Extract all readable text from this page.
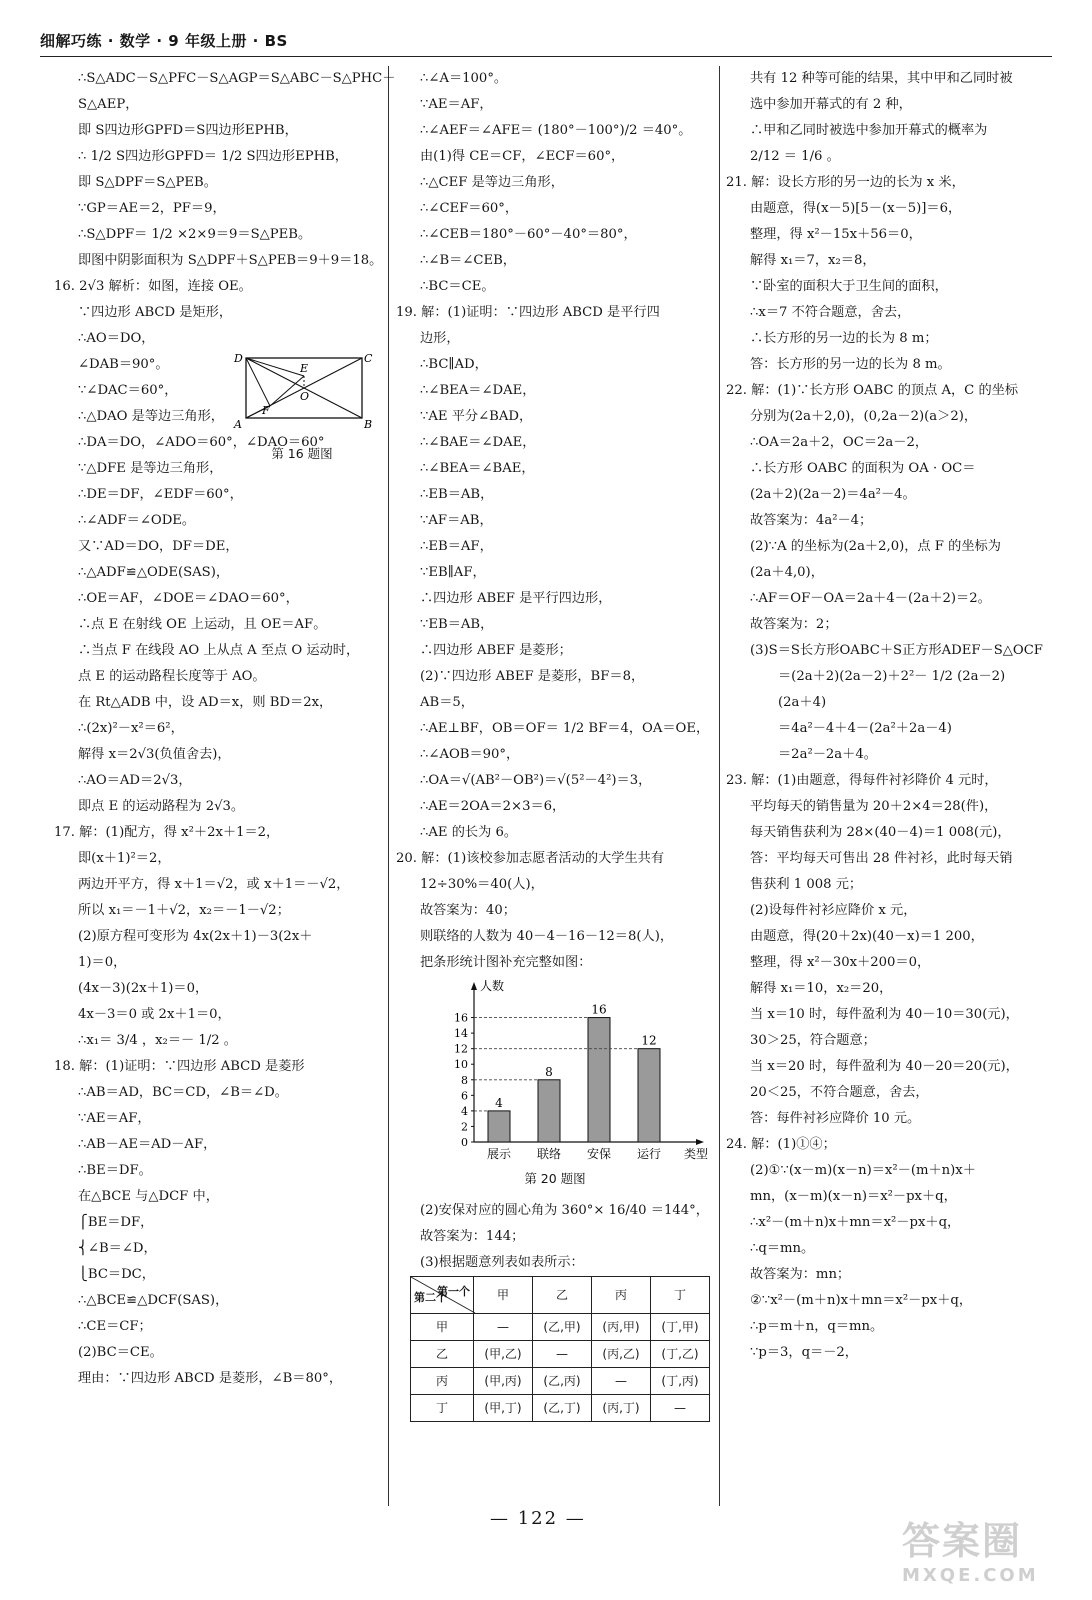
细解巧练 · 数学 · 9 年级上册 · BS
∴S△ADC－S△PFC－S△AGP＝S△ABC－S△PHC－
S△AEP，
即 S四边形GPFD＝S四边形EPHB，
∴ 1/2 S四边形GPFD＝ 1/2 S四边形EPHB，
即 S△DPF＝S△PEB。
∵GP＝AE＝2，PF＝9，
∴S△DPF＝ 1/2 ×2×9＝9＝S△PEB。
即图中阴影面积为 S△DPF＋S△PEB＝9＋9＝18。
16. 2√3 解析：如图，连接 OE。
∵四边形 ABCD 是矩形，
∴AO＝DO，
∠DAB＝90°。
∵∠DAC＝60°，
∴△DAO 是等边三角形，
∴DA＝DO，∠ADO＝60°，∠DAO＝60°
∵△DFE 是等边三角形，
∴DE＝DF，∠EDF＝60°，
∴∠ADF＝∠ODE。
又∵AD＝DO，DF＝DE，
∴△ADF≌△ODE(SAS)，
∴OE＝AF，∠DOE＝∠DAO＝60°，
∴点 E 在射线 OE 上运动，且 OE＝AF。
∴当点 F 在线段 AO 上从点 A 至点 O 运动时，
点 E 的运动路程长度等于 AO。
在 Rt△ADB 中，设 AD＝x，则 BD＝2x，
∴(2x)²－x²＝6²，
解得 x＝2√3(负值舍去)，
∴AO＝AD＝2√3，
即点 E 的运动路程为 2√3。
17. 解：(1)配方，得 x²＋2x＋1＝2，
即(x＋1)²＝2，
两边开平方，得 x＋1＝√2，或 x＋1＝－√2，
所以 x₁＝－1＋√2，x₂＝－1－√2；
(2)原方程可变形为 4x(2x＋1)－3(2x＋
1)＝0，
(4x－3)(2x＋1)＝0，
4x－3＝0 或 2x＋1＝0，
∴x₁＝ 3/4 ，x₂＝－ 1/2 。
18. 解：(1)证明：∵四边形 ABCD 是菱形
∴AB＝AD，BC＝CD，∠B＝∠D。
∵AE＝AF，
∴AB－AE＝AD－AF，
∴BE＝DF。
在△BCE 与△DCF 中，
⎧BE＝DF，
⎨∠B＝∠D，
⎩BC＝DC，
∴△BCE≌△DCF(SAS)，
∴CE＝CF；
(2)BC＝CE。
理由：∵四边形 ABCD 是菱形，∠B＝80°，
D	C
A	B
E
O
F
第 16 题图
∴∠A＝100°。
∵AE＝AF，
∴∠AEF＝∠AFE＝ (180°－100°)/2 ＝40°。
由(1)得 CE＝CF，∠ECF＝60°，
∴△CEF 是等边三角形，
∴∠CEF＝60°，
∴∠CEB＝180°－60°－40°＝80°，
∴∠B＝∠CEB，
∴BC＝CE。
19. 解：(1)证明：∵四边形 ABCD 是平行四
边形，
∴BC∥AD，
∴∠BEA＝∠DAE，
∵AE 平分∠BAD，
∴∠BAE＝∠DAE，
∴∠BEA＝∠BAE，
∴EB＝AB，
∵AF＝AB，
∴EB＝AF，
∵EB∥AF，
∴四边形 ABEF 是平行四边形，
∵EB＝AB，
∴四边形 ABEF 是菱形；
(2)∵四边形 ABEF 是菱形，BF＝8，
AB＝5，
∴AE⊥BF，OB＝OF＝ 1/2 BF＝4，OA＝OE，
∴∠AOB＝90°，
∴OA＝√(AB²－OB²)＝√(5²－4²)＝3，
∴AE＝2OA＝2×3＝6，
∴AE 的长为 6。
20. 解：(1)该校参加志愿者活动的大学生共有
12÷30%＝40(人)，
故答案为：40；
则联络的人数为 40－4－16－12＝8(人)，
把条形统计图补充完整如图：
人数
类型
0
2
4
6
8
10
12
14
16
4
展示
8
联络
16
安保
12
运行
第 20 题图
(2)安保对应的圆心角为 360°× 16/40 ＝144°，
故答案为：144；
(3)根据题意列表如表所示：
第一个
第二个	甲	乙	丙	丁
甲	—	(乙,甲)	(丙,甲)	(丁,甲)
乙	(甲,乙)	—	(丙,乙)	(丁,乙)
丙	(甲,丙)	(乙,丙)	—	(丁,丙)
丁	(甲,丁)	(乙,丁)	(丙,丁)	—
共有 12 种等可能的结果，其中甲和乙同时被
选中参加开幕式的有 2 种，
∴甲和乙同时被选中参加开幕式的概率为
2/12 ＝ 1/6 。
21. 解：设长方形的另一边的长为 x 米，
由题意，得(x－5)[5－(x－5)]＝6，
整理，得 x²－15x＋56＝0，
解得 x₁＝7，x₂＝8，
∵卧室的面积大于卫生间的面积，
∴x＝7 不符合题意，舍去，
∴长方形的另一边的长为 8 m；
答：长方形的另一边的长为 8 m。
22. 解：(1)∵长方形 OABC 的顶点 A，C 的坐标
分别为(2a＋2,0)，(0,2a－2)(a＞2)，
∴OA＝2a＋2，OC＝2a－2，
∴长方形 OABC 的面积为 OA · OC＝
(2a＋2)(2a－2)＝4a²－4。
故答案为：4a²－4；
(2)∵A 的坐标为(2a＋2,0)，点 F 的坐标为
(2a＋4,0)，
∴AF＝OF－OA＝2a＋4－(2a＋2)＝2。
故答案为：2；
(3)S＝S长方形OABC＋S正方形ADEF－S△OCF
＝(2a＋2)(2a－2)＋2²－ 1/2 (2a－2)
(2a＋4)
＝4a²－4＋4－(2a²＋2a－4)
＝2a²－2a＋4。
23. 解：(1)由题意，得每件衬衫降价 4 元时，
平均每天的销售量为 20＋2×4＝28(件)，
每天销售获利为 28×(40－4)＝1 008(元)，
答：平均每天可售出 28 件衬衫，此时每天销
售获利 1 008 元；
(2)设每件衬衫应降价 x 元，
由题意，得(20＋2x)(40－x)＝1 200，
整理，得 x²－30x＋200＝0，
解得 x₁＝10，x₂＝20，
当 x＝10 时，每件盈利为 40－10＝30(元)，
30＞25，符合题意；
当 x＝20 时，每件盈利为 40－20＝20(元)，
20＜25，不符合题意，舍去，
答：每件衬衫应降价 10 元。
24. 解：(1)①④；
(2)①∵(x－m)(x－n)＝x²－(m＋n)x＋
mn，(x－m)(x－n)＝x²－px＋q，
∴x²－(m＋n)x＋mn＝x²－px＋q，
∴q＝mn。
故答案为：mn；
②∵x²－(m＋n)x＋mn＝x²－px＋q，
∴p＝m＋n，q＝mn。
∵p＝3，q＝－2，
— 122 —
答案圈
MXQE.COM
